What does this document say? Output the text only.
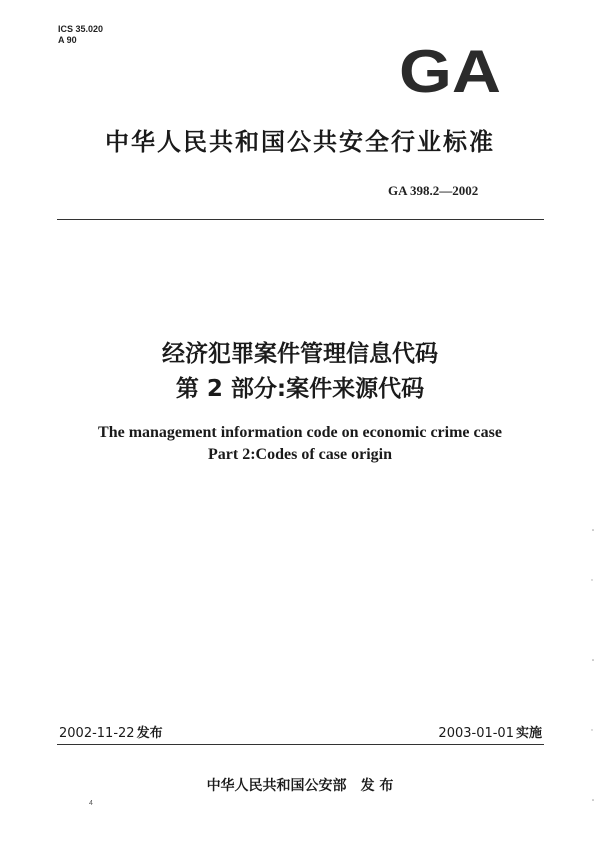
ICS 35.020
A 90	GA
中华人民共和国公共安全行业标准
GA 398.2—2002
经济犯罪案件管理信息代码
第 2 部分:案件来源代码
The management information code on economic crime case
Part 2:Codes of case origin
2002-11-22 发布	2003-01-01 实施
中华人民共和国公安部 发 布
4
